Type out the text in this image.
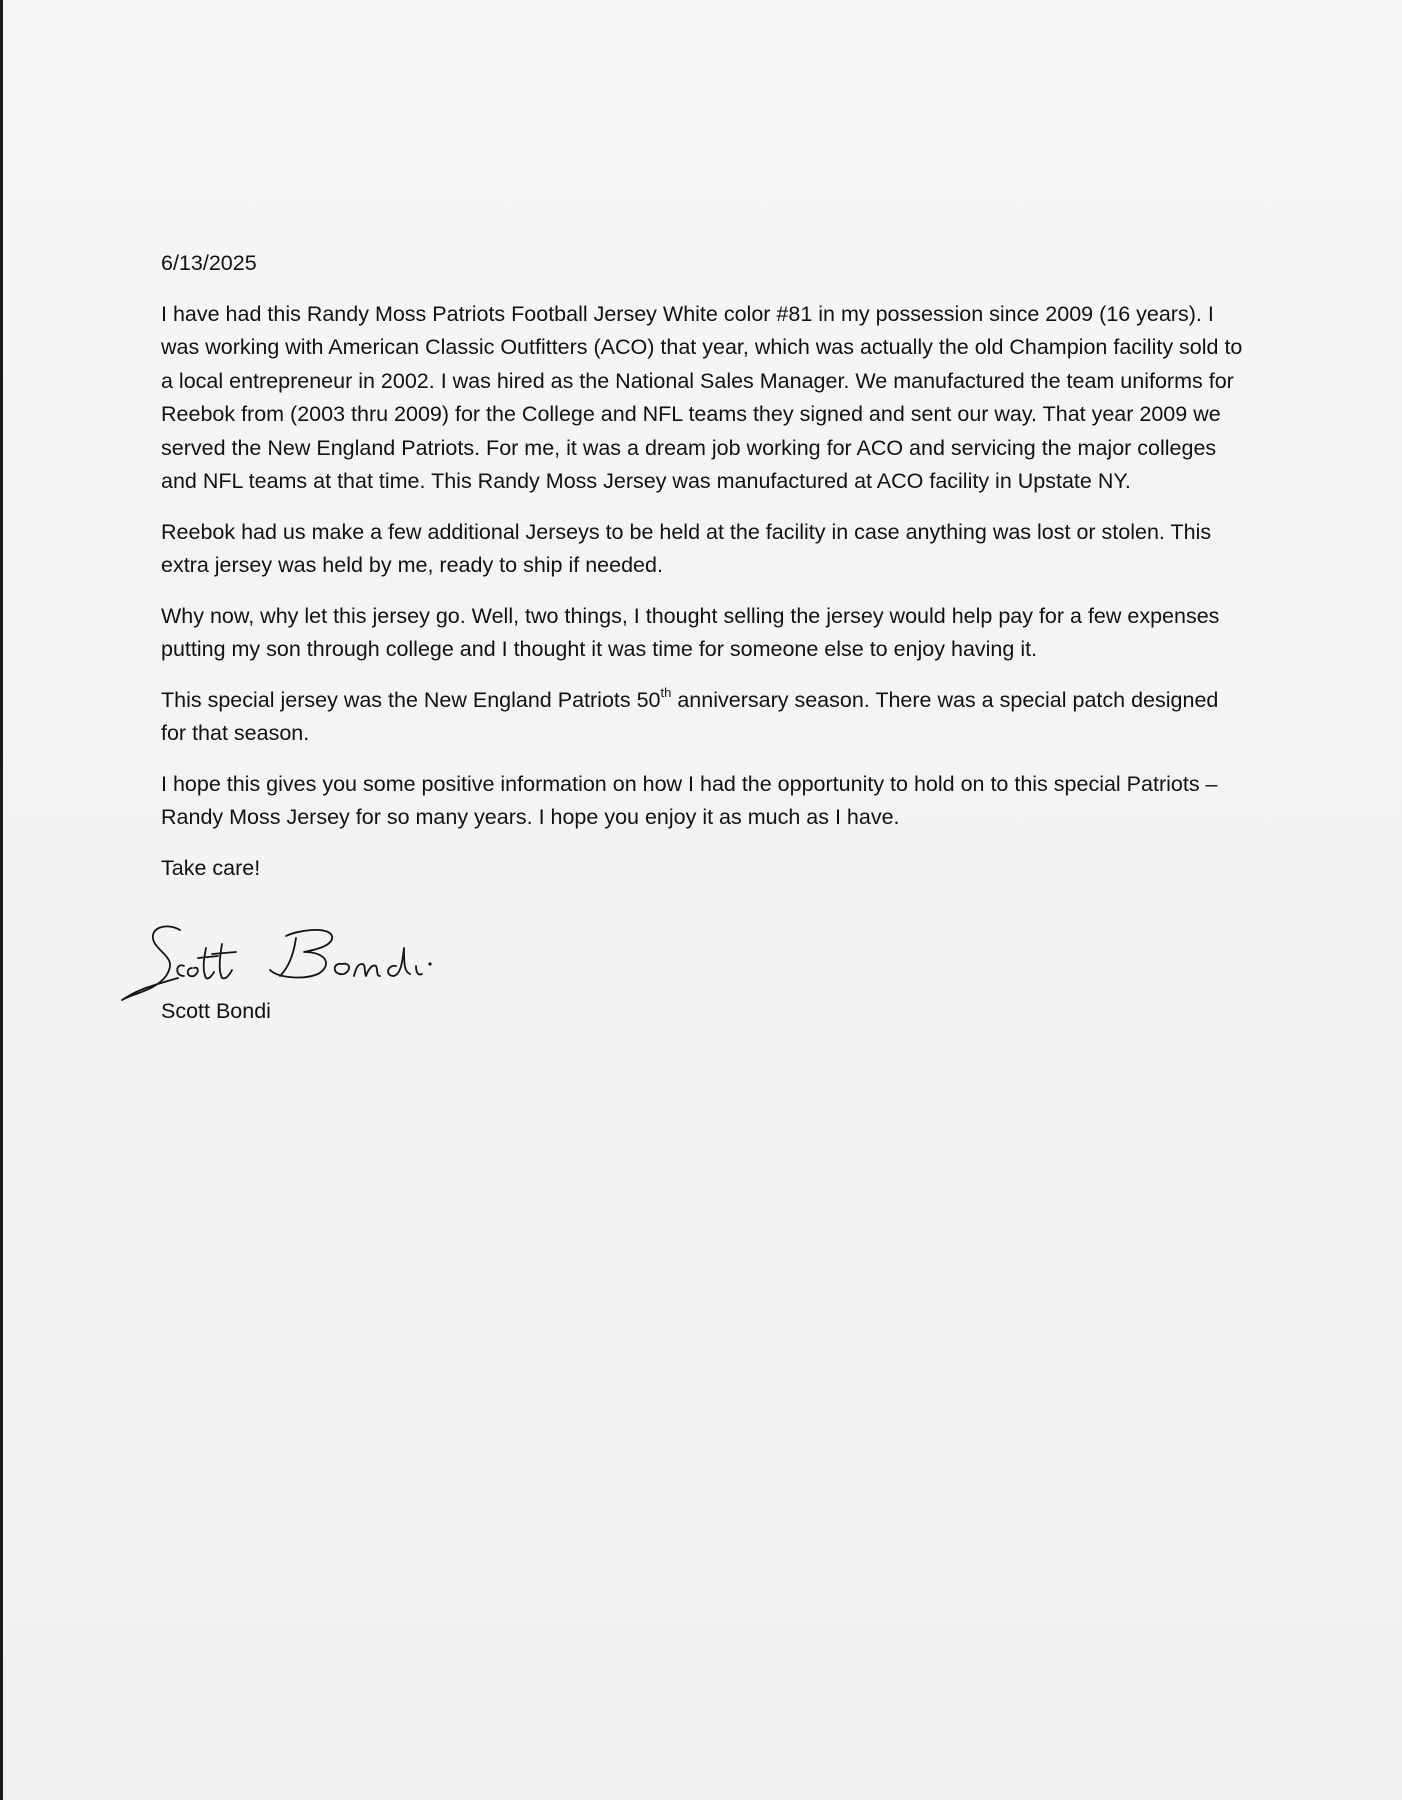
6/13/2025

I have had this Randy Moss Patriots Football Jersey White color #81 in my possession since 2009 (16 years). I was working with American Classic Outfitters (ACO) that year, which was actually the old Champion facility sold to a local entrepreneur in 2002. I was hired as the National Sales Manager. We manufactured the team uniforms for Reebok from (2003 thru 2009) for the College and NFL teams they signed and sent our way. That year 2009 we served the New England Patriots. For me, it was a dream job working for ACO and servicing the major colleges and NFL teams at that time. This Randy Moss Jersey was manufactured at ACO facility in Upstate NY.

Reebok had us make a few additional Jerseys to be held at the facility in case anything was lost or stolen. This extra jersey was held by me, ready to ship if needed.

Why now, why let this jersey go. Well, two things, I thought selling the jersey would help pay for a few expenses putting my son through college and I thought it was time for someone else to enjoy having it.

This special jersey was the New England Patriots 50th anniversary season. There was a special patch designed for that season.

I hope this gives you some positive information on how I had the opportunity to hold on to this special Patriots – Randy Moss Jersey for so many years. I hope you enjoy it as much as I have.

Take care!

Scott Bondi
